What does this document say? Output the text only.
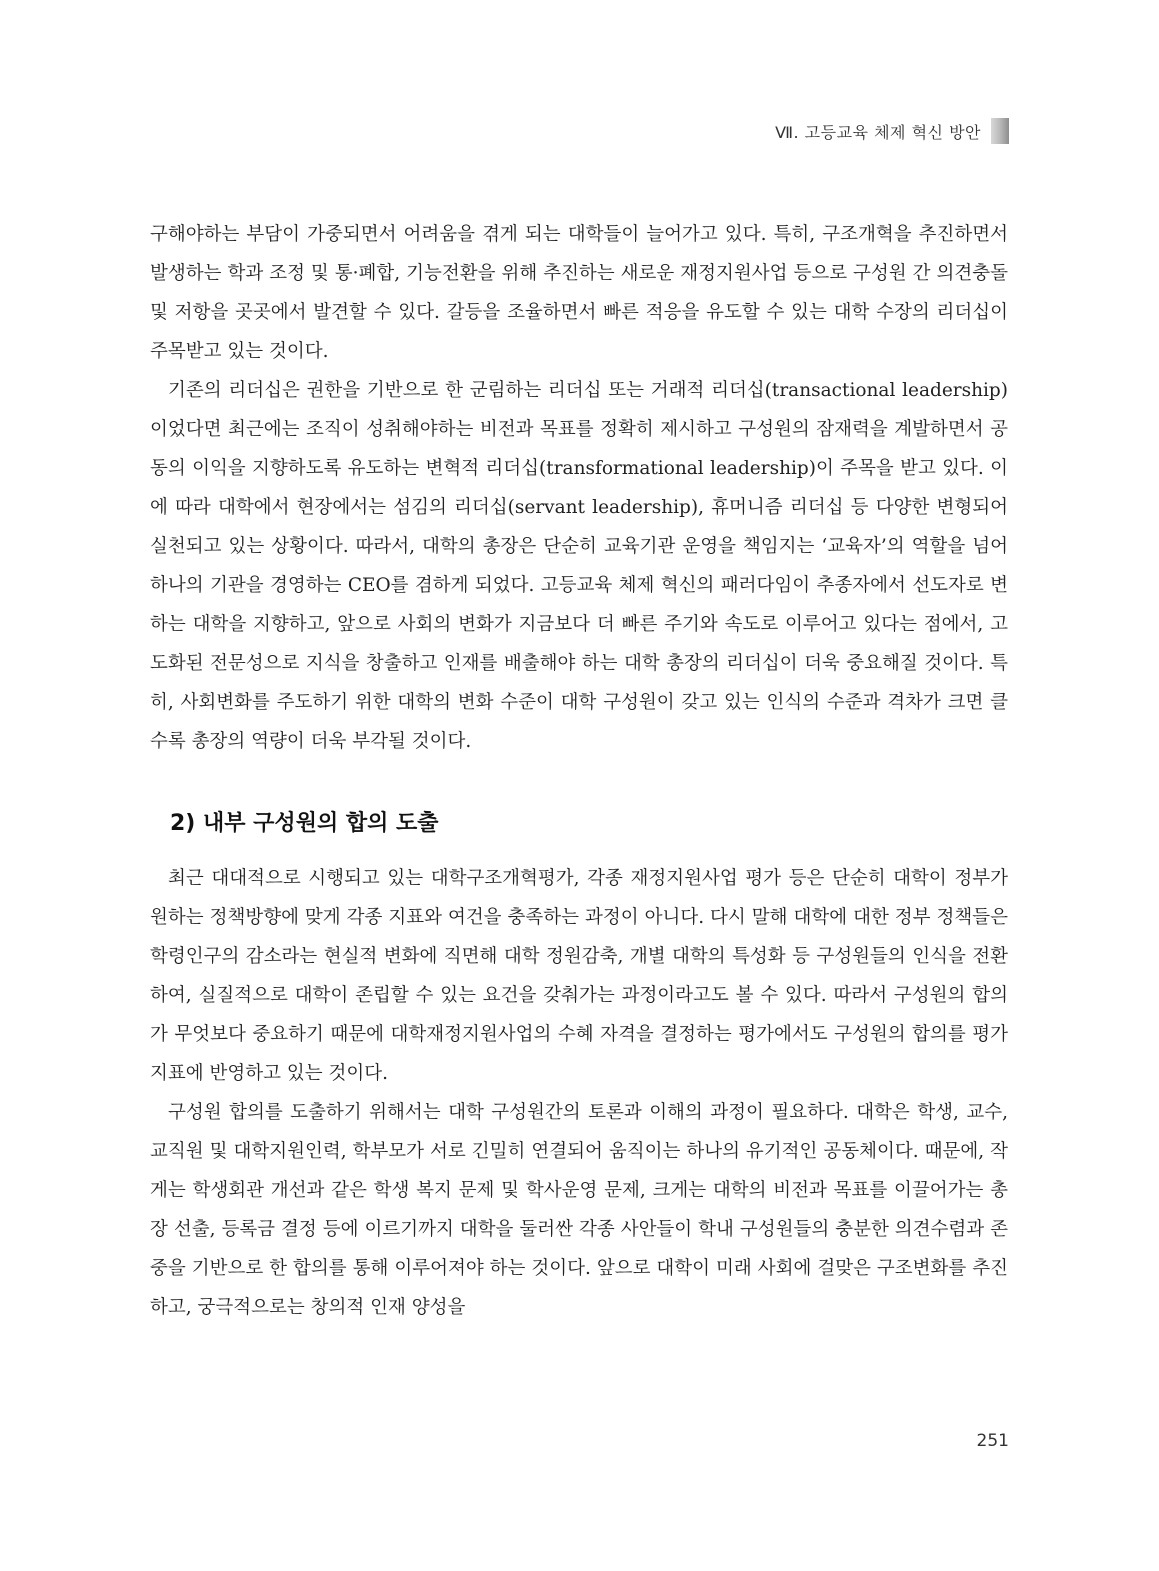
Ⅶ. 고등교육 체제 혁신 방안

구해야하는 부담이 가중되면서 어려움을 겪게 되는 대학들이 늘어가고 있다. 특히, 구조개혁을 추진하면서 발생하는 학과 조정 및 통·폐합, 기능전환을 위해 추진하는 새로운 재정지원사업 등으로 구성원 간 의견충돌 및 저항을 곳곳에서 발견할 수 있다. 갈등을 조율하면서 빠른 적응을 유도할 수 있는 대학 수장의 리더십이 주목받고 있는 것이다.

기존의 리더십은 권한을 기반으로 한 군림하는 리더십 또는 거래적 리더십(transactional leadership)이었다면 최근에는 조직이 성취해야하는 비전과 목표를 정확히 제시하고 구성원의 잠재력을 계발하면서 공동의 이익을 지향하도록 유도하는 변혁적 리더십(transformational leadership)이 주목을 받고 있다. 이에 따라 대학에서 현장에서는 섬김의 리더십(servant leadership), 휴머니즘 리더십 등 다양한 변형되어 실천되고 있는 상황이다. 따라서, 대학의 총장은 단순히 교육기관 운영을 책임지는 ‘교육자’의 역할을 넘어 하나의 기관을 경영하는 CEO를 겸하게 되었다. 고등교육 체제 혁신의 패러다임이 추종자에서 선도자로 변하는 대학을 지향하고, 앞으로 사회의 변화가 지금보다 더 빠른 주기와 속도로 이루어고 있다는 점에서, 고도화된 전문성으로 지식을 창출하고 인재를 배출해야 하는 대학 총장의 리더십이 더욱 중요해질 것이다. 특히, 사회변화를 주도하기 위한 대학의 변화 수준이 대학 구성원이 갖고 있는 인식의 수준과 격차가 크면 클수록 총장의 역량이 더욱 부각될 것이다.

2) 내부 구성원의 합의 도출

최근 대대적으로 시행되고 있는 대학구조개혁평가, 각종 재정지원사업 평가 등은 단순히 대학이 정부가 원하는 정책방향에 맞게 각종 지표와 여건을 충족하는 과정이 아니다. 다시 말해 대학에 대한 정부 정책들은 학령인구의 감소라는 현실적 변화에 직면해 대학 정원감축, 개별 대학의 특성화 등 구성원들의 인식을 전환하여, 실질적으로 대학이 존립할 수 있는 요건을 갖춰가는 과정이라고도 볼 수 있다. 따라서 구성원의 합의가 무엇보다 중요하기 때문에 대학재정지원사업의 수혜 자격을 결정하는 평가에서도 구성원의 합의를 평가지표에 반영하고 있는 것이다.

구성원 합의를 도출하기 위해서는 대학 구성원간의 토론과 이해의 과정이 필요하다. 대학은 학생, 교수, 교직원 및 대학지원인력, 학부모가 서로 긴밀히 연결되어 움직이는 하나의 유기적인 공동체이다. 때문에, 작게는 학생회관 개선과 같은 학생 복지 문제 및 학사운영 문제, 크게는 대학의 비전과 목표를 이끌어가는 총장 선출, 등록금 결정 등에 이르기까지 대학을 둘러싼 각종 사안들이 학내 구성원들의 충분한 의견수렴과 존중을 기반으로 한 합의를 통해 이루어져야 하는 것이다. 앞으로 대학이 미래 사회에 걸맞은 구조변화를 추진하고, 궁극적으로는 창의적 인재 양성을

251
